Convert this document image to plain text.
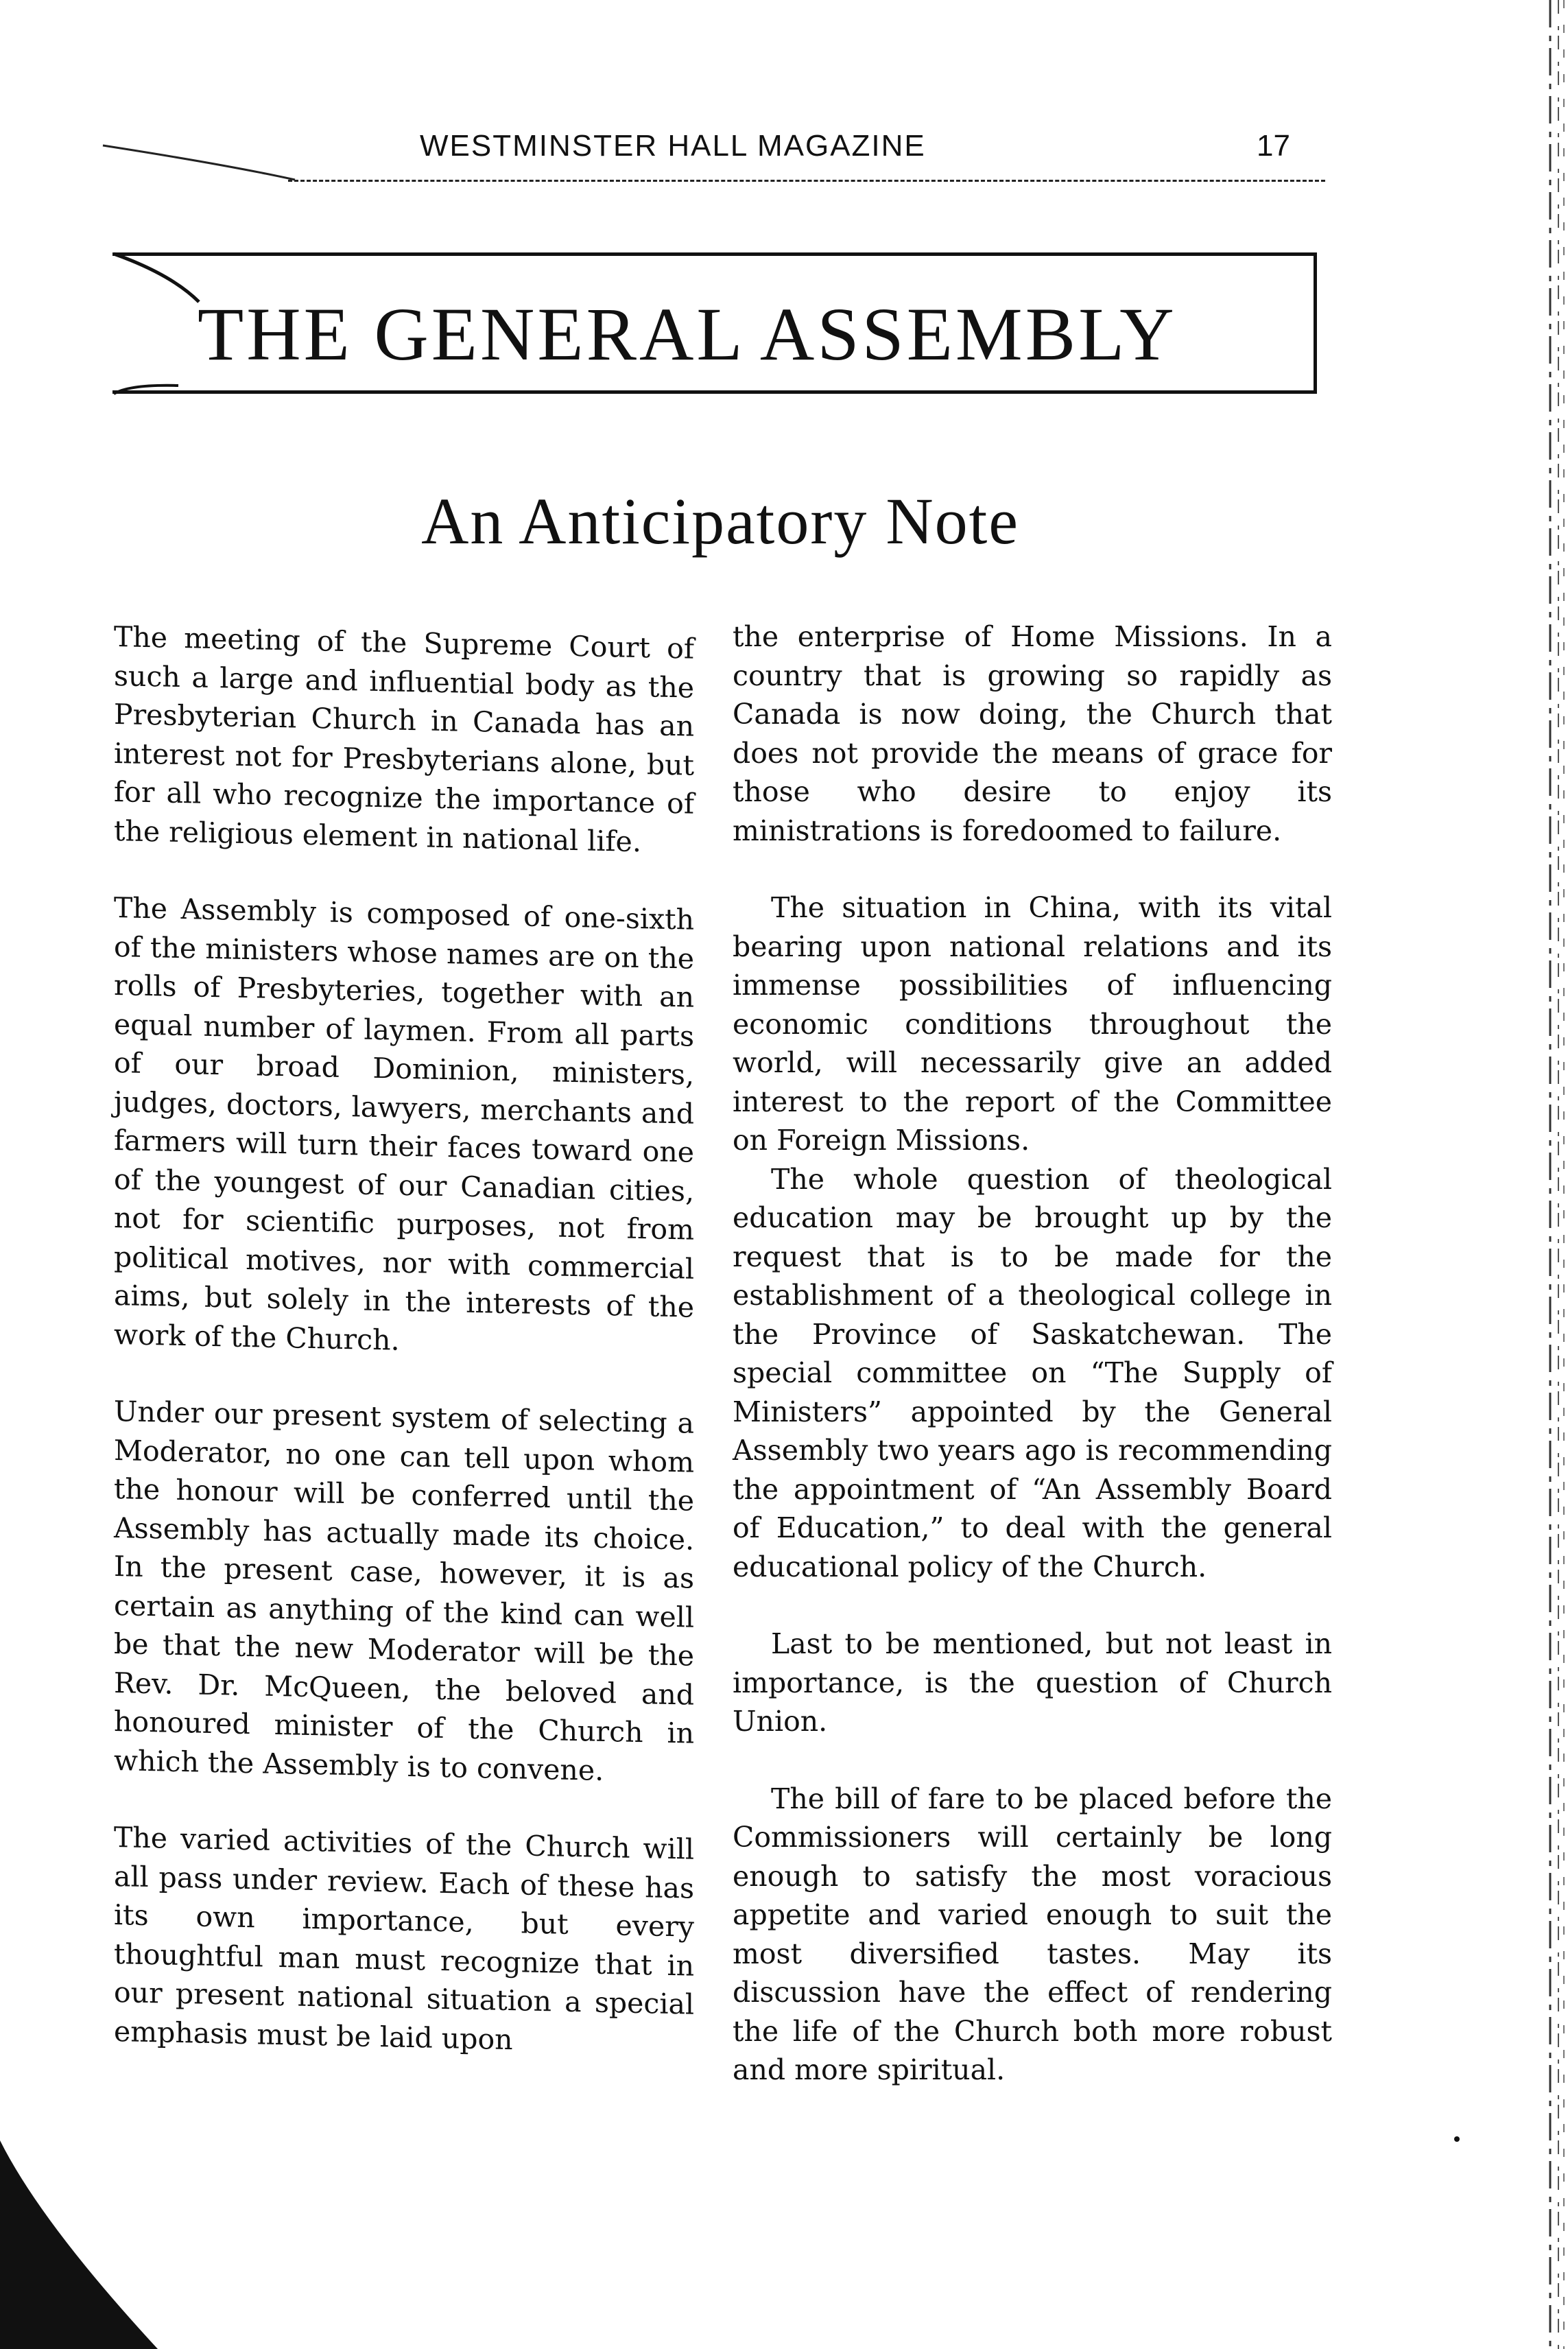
WESTMINSTER HALL MAGAZINE	17
THE GENERAL ASSEMBLY
An Anticipatory Note

The meeting of the Supreme Court of such a large and influential body as the Presbyterian Church in Canada has an interest not for Presbyterians alone, but for all who recognize the importance of the religious element in national life.

The Assembly is composed of one-sixth of the ministers whose names are on the rolls of Presbyteries, together with an equal number of laymen. From all parts of our broad Dominion, ministers, judges, doctors, lawyers, merchants and farmers will turn their faces toward one of the youngest of our Canadian cities, not for scientific purposes, not from political motives, nor with commercial aims, but solely in the interests of the work of the Church.

Under our present system of selecting a Moderator, no one can tell upon whom the honour will be conferred until the Assembly has actually made its choice. In the present case, however, it is as certain as anything of the kind can well be that the new Moderator will be the Rev. Dr. McQueen, the beloved and honoured minister of the Church in which the Assembly is to convene.

The varied activities of the Church will all pass under review. Each of these has its own importance, but every thoughtful man must recognize that in our present national situation a special emphasis must be laid upon

the enterprise of Home Missions. In a country that is growing so rapidly as Canada is now doing, the Church that does not provide the means of grace for those who desire to enjoy its ministrations is foredoomed to failure.

The situation in China, with its vital bearing upon national relations and its immense possibilities of influencing economic conditions throughout the world, will necessarily give an added interest to the report of the Committee on Foreign Missions.

The whole question of theological education may be brought up by the request that is to be made for the establishment of a theological college in the Province of Saskatchewan. The special committee on “The Supply of Ministers” appointed by the General Assembly two years ago is recommending the appointment of “An Assembly Board of Education,” to deal with the general educational policy of the Church.

Last to be mentioned, but not least in importance, is the question of Church Union.

The bill of fare to be placed before the Commissioners will certainly be long enough to satisfy the most voracious appetite and varied enough to suit the most diversified tastes. May its discussion have the effect of rendering the life of the Church both more robust and more spiritual.
